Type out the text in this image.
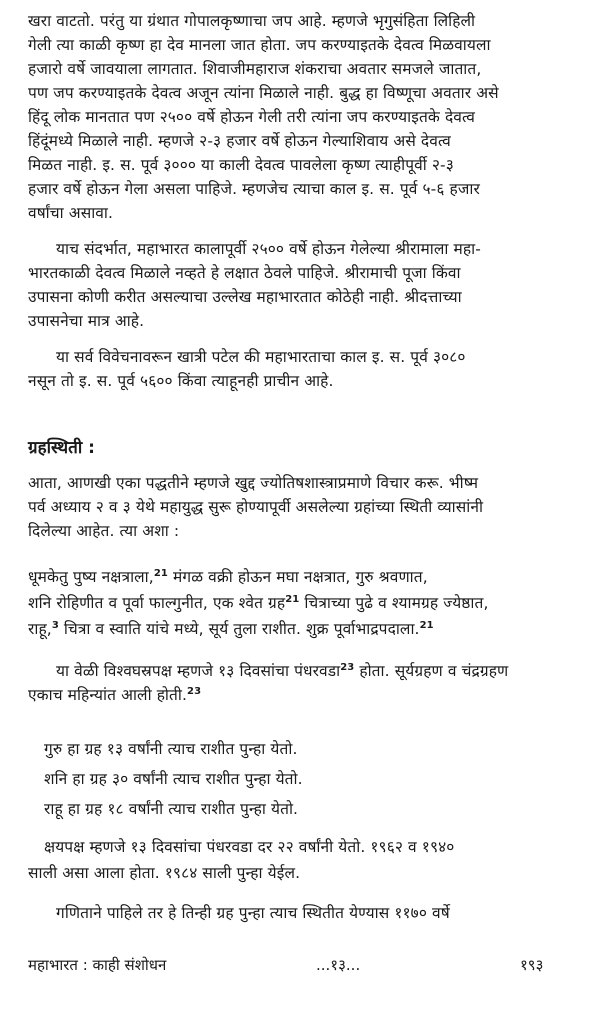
खरा वाटतो. परंतु या ग्रंथात गोपालकृष्णाचा जप आहे. म्हणजे भृगुसंहिता लिहिली
गेली त्या काळी कृष्ण हा देव मानला जात होता. जप करण्याइतके देवत्व मिळवायला
हजारो वर्षे जावयाला लागतात. शिवाजीमहाराज शंकराचा अवतार समजले जातात,
पण जप करण्याइतके देवत्व अजून त्यांना मिळाले नाही. बुद्ध हा विष्णूचा अवतार असे
हिंदू लोक मानतात पण २५०० वर्षे होऊन गेली तरी त्यांना जप करण्याइतके देवत्व
हिंदूंमध्ये मिळाले नाही. म्हणजे २-३ हजार वर्षे होऊन गेल्याशिवाय असे देवत्व
मिळत नाही. इ. स. पूर्व ३००० या काली देवत्व पावलेला कृष्ण त्याहीपूर्वी २-३
हजार वर्षे होऊन गेला असला पाहिजे. म्हणजेच त्याचा काल इ. स. पूर्व ५-६ हजार
वर्षांचा असावा.
याच संदर्भात, महाभारत कालापूर्वी २५०० वर्षे होऊन गेलेल्या श्रीरामाला महा-
भारतकाळी देवत्व मिळाले नव्हते हे लक्षात ठेवले पाहिजे. श्रीरामाची पूजा किंवा
उपासना कोणी करीत असल्याचा उल्लेख महाभारतात कोठेही नाही. श्रीदत्ताच्या
उपासनेचा मात्र आहे.
या सर्व विवेचनावरून खात्री पटेल की महाभारताचा काल इ. स. पूर्व ३०८०
नसून तो इ. स. पूर्व ५६०० किंवा त्याहूनही प्राचीन आहे.
ग्रहस्थिती :
आता, आणखी एका पद्धतीने म्हणजे खुद्द ज्योतिषशास्त्राप्रमाणे विचार करू. भीष्म
पर्व अध्याय २ व ३ येथे महायुद्ध सुरू होण्यापूर्वी असलेल्या ग्रहांच्या स्थिती व्यासांनी
दिलेल्या आहेत. त्या अशा :
धूमकेतु पुष्य नक्षत्राला,$^{21}$ मंगळ वक्री होऊन मघा नक्षत्रात, गुरु श्रवणात,
शनि रोहिणीत व पूर्वा फाल्गुनीत, एक श्वेत ग्रह$^{21}$ चित्राच्या पुढे व श्यामग्रह ज्येष्ठात,
राहू,$^3$ चित्रा व स्वाति यांचे मध्ये, सूर्य तुला राशीत. शुक्र पूर्वाभाद्रपदाला.$^{21}$
या वेळी विश्वघस्रपक्ष म्हणजे १३ दिवसांचा पंधरवडा$^{23}$ होता. सूर्यग्रहण व चंद्रग्रहण
एकाच महिन्यांत आली होती.$^{23}$
गुरु हा ग्रह १३ वर्षांनी त्याच राशीत पुन्हा येतो.
शनि हा ग्रह ३० वर्षांनी त्याच राशीत पुन्हा येतो.
राहू हा ग्रह १८ वर्षांनी त्याच राशीत पुन्हा येतो.
क्षयपक्ष म्हणजे १३ दिवसांचा पंधरवडा दर २२ वर्षांनी येतो. १९६२ व १९४०
साली असा आला होता. १९८४ साली पुन्हा येईल.
गणिताने पाहिले तर हे तिन्ही ग्रह पुन्हा त्याच स्थितीत येण्यास ११७० वर्षे
महाभारत : काही संशोधन	...१३...	१९३
